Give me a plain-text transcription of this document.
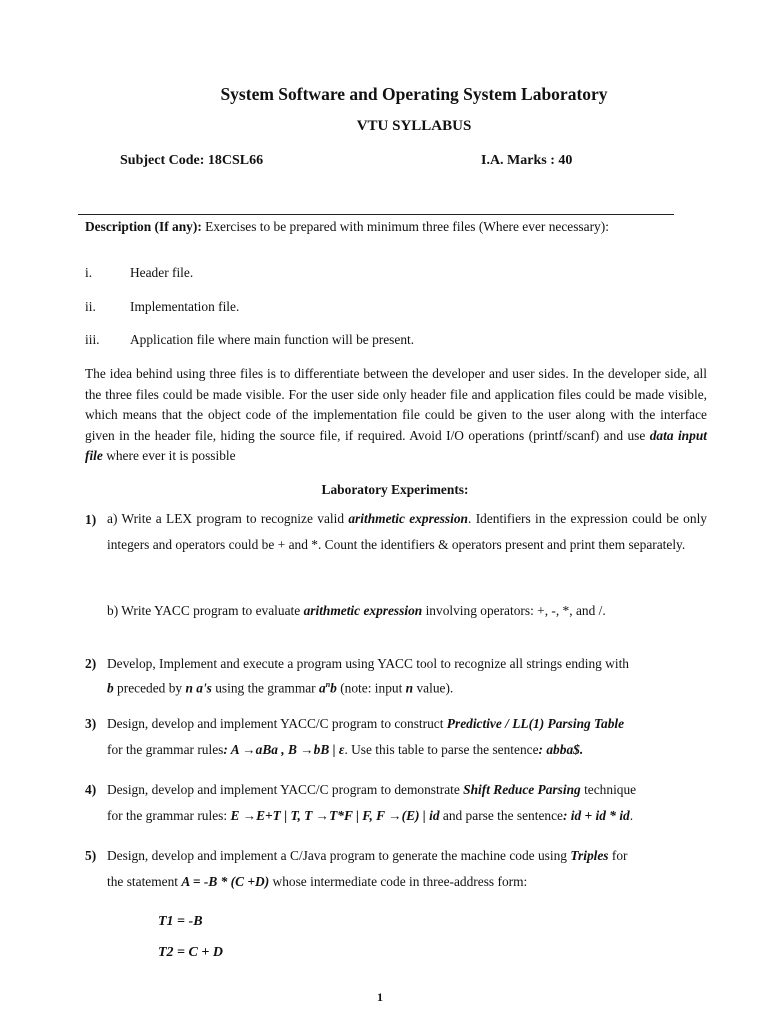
System Software and Operating System Laboratory
VTU SYLLABUS
Subject Code: 18CSL66	I.A. Marks : 40
Description (If any): Exercises to be prepared with minimum three files (Where ever necessary):
i.	Header file.
ii.	Implementation file.
iii. Application file where main function will be present.
The idea behind using three files is to differentiate between the developer and user sides. In the developer side, all the three files could be made visible. For the user side only header file and application files could be made visible, which means that the object code of the implementation file could be given to the user along with the interface given in the header file, hiding the source file, if required. Avoid I/O operations (printf/scanf) and use data input file where ever it is possible
Laboratory Experiments:
1) a) Write a LEX program to recognize valid arithmetic expression. Identifiers in the expression could be only integers and operators could be + and *. Count the identifiers & operators present and print them separately.
b) Write YACC program to evaluate arithmetic expression involving operators: +, -, *, and /.
2) Develop, Implement and execute a program using YACC tool to recognize all strings ending with
b preceded by n a's using the grammar $a^nb$ (note: input n value).
3) Design, develop and implement YACC/C program to construct Predictive / LL(1) Parsing Table
for the grammar rules: A →aBa , B →bB | ε. Use this table to parse the sentence: abba$.
4) Design, develop and implement YACC/C program to demonstrate Shift Reduce Parsing technique
for the grammar rules: E →E+T | T, T →T*F | F, F →(E) | id and parse the sentence: id + id * id.
5) Design, develop and implement a C/Java program to generate the machine code using Triples for
the statement A = -B * (C +D) whose intermediate code in three-address form:
T1 = -B
T2 = C + D
1
